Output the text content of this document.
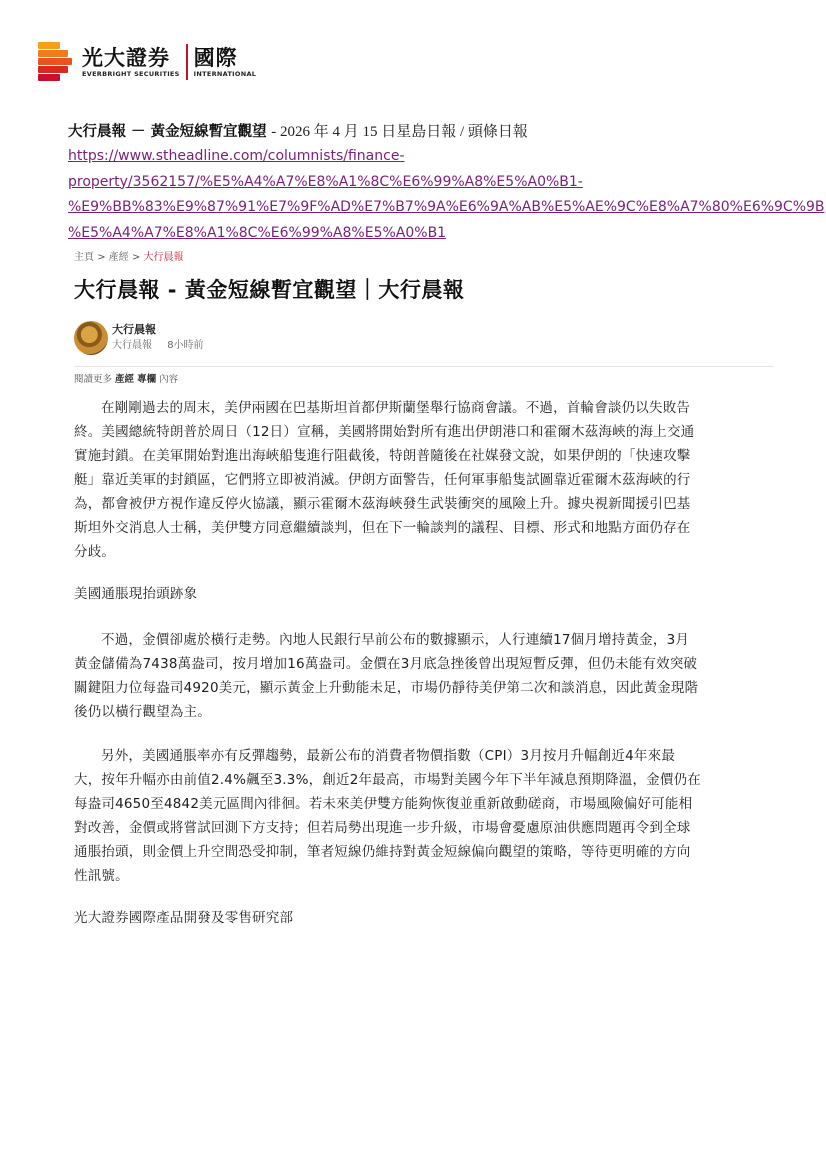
光大證券
EVERBRIGHT SECURITIES
國際
INTERNATIONAL
大行晨報 － 黃金短線暫宜觀望 - 2026 年 4 月 15 日星島日報 / 頭條日報
https://www.stheadline.com/columnists/finance-
property/3562157/%E5%A4%A7%E8%A1%8C%E6%99%A8%E5%A0%B1-
%E9%BB%83%E9%87%91%E7%9F%AD%E7%B7%9A%E6%9A%AB%E5%AE%9C%E8%A7%80%E6%9C%9B
%E5%A4%A7%E8%A1%8C%E6%99%A8%E5%A0%B1
主頁 > 產經 > 大行晨報
大行晨報 - 黃金短線暫宜觀望｜大行晨報
大行晨報
大行晨報 8小時前
閱讀更多 產經 專欄 內容

在剛剛過去的周末，美伊兩國在巴基斯坦首都伊斯蘭堡舉行協商會議。不過，首輪會談仍以失敗告
終。美國總統特朗普於周日（12日）宣稱，美國將開始對所有進出伊朗港口和霍爾木茲海峽的海上交通
實施封鎖。在美軍開始對進出海峽船隻進行阻截後，特朗普隨後在社媒發文說，如果伊朗的「快速攻擊
艇」靠近美軍的封鎖區，它們將立即被消滅。伊朗方面警告，任何軍事船隻試圖靠近霍爾木茲海峽的行
為，都會被伊方視作違反停火協議，顯示霍爾木茲海峽發生武裝衝突的風險上升。據央視新聞援引巴基
斯坦外交消息人士稱，美伊雙方同意繼續談判，但在下一輪談判的議程、目標、形式和地點方面仍存在
分歧。

美國通脹現抬頭跡象

不過，金價卻處於橫行走勢。內地人民銀行早前公布的數據顯示，人行連續17個月增持黃金，3月
黃金儲備為7438萬盎司，按月增加16萬盎司。金價在3月底急挫後曾出現短暫反彈，但仍未能有效突破
關鍵阻力位每盎司4920美元，顯示黃金上升動能未足，市場仍靜待美伊第二次和談消息，因此黃金現階
後仍以橫行觀望為主。

另外，美國通脹率亦有反彈趨勢，最新公布的消費者物價指數（CPI）3月按月升幅創近4年來最
大，按年升幅亦由前值2.4%飆至3.3%，創近2年最高，市場對美國今年下半年減息預期降溫，金價仍在
每盎司4650至4842美元區間內徘徊。若未來美伊雙方能夠恢復並重新啟動磋商，市場風險偏好可能相
對改善，金價或將嘗試回測下方支持；但若局勢出現進一步升級，市場會憂慮原油供應問題再令到全球
通脹抬頭，則金價上升空間恐受抑制，筆者短線仍維持對黃金短線偏向觀望的策略，等待更明確的方向
性訊號。

光大證券國際產品開發及零售研究部
